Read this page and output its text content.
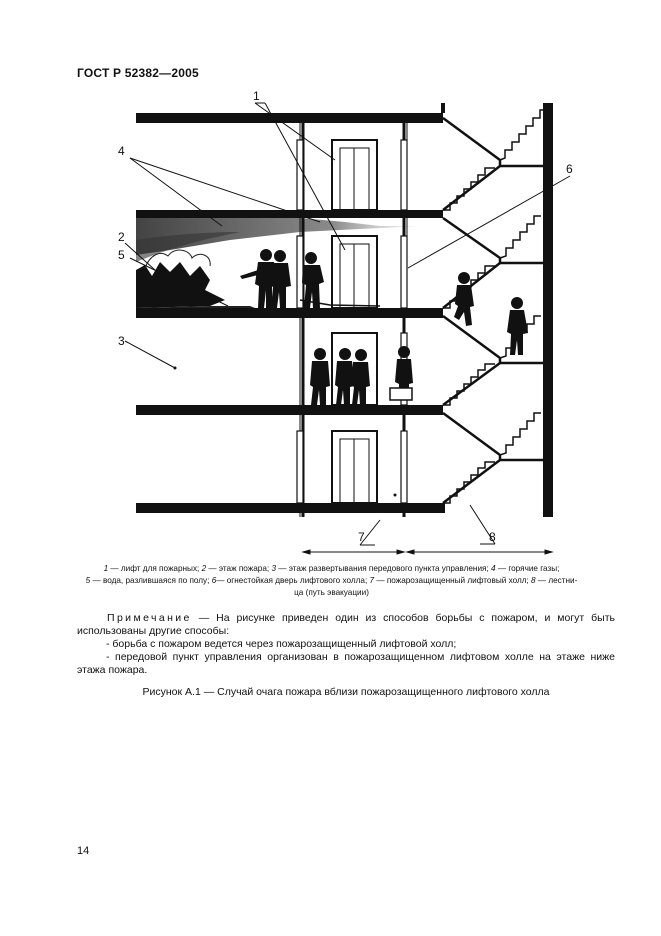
ГОСТ Р 52382—2005
1
4
2
5
3
6
7	8
1 — лифт для пожарных; 2 — этаж пожара; 3 — этаж развертывания передового пункта управления; 4 — горячие газы;
5 — вода, разлившаяся по полу; 6— огнестойкая дверь лифтового холла; 7 — пожарозащищенный лифтовый холл; 8 — лестни-
ца (путь эвакуации)

Примечание — На рисунке приведен один из способов борьбы с пожаром, и могут быть использованы другие способы:

- борьба с пожаром ведется через пожарозащищенный лифтовой холл;

- передовой пункт управления организован в пожарозащищенном лифтовом холле на этаже ниже этажа пожара.

Рисунок А.1 — Случай очага пожара вблизи пожарозащищенного лифтового холла
14
